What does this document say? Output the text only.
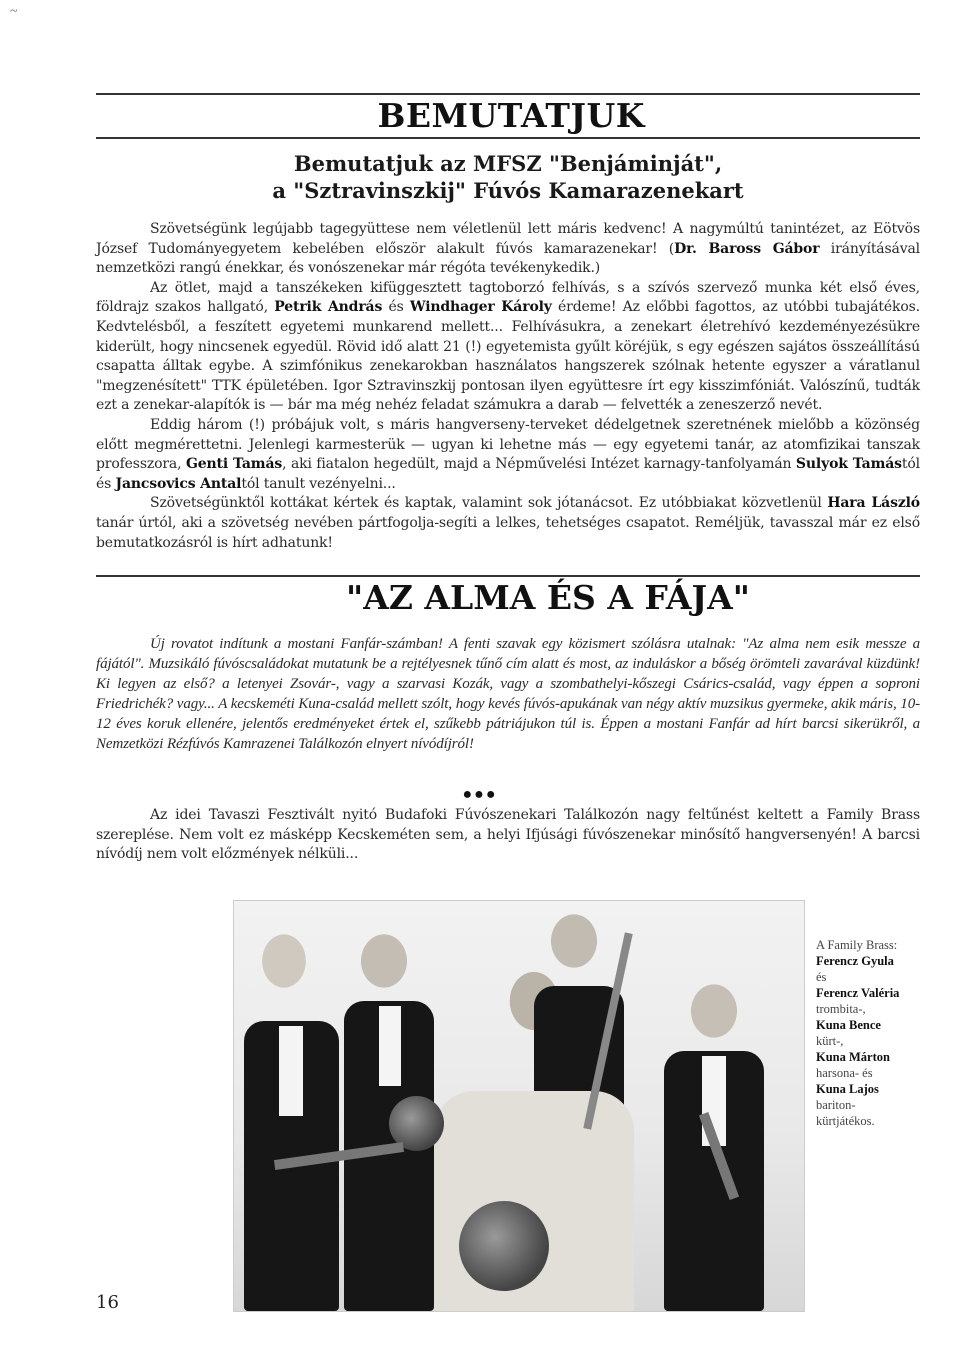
~
BEMUTATJUK
Bemutatjuk az MFSZ "Benjáminját",
a "Sztravinszkij" Fúvós Kamarazenekart

Szövetségünk legújabb tagegyüttese nem véletlenül lett máris kedvenc! A nagymúltú tanintézet, az Eötvös József Tudományegyetem kebelében először alakult fúvós kamarazenekar! (Dr. Baross Gábor irányításával nemzetközi rangú énekkar, és vonószenekar már régóta tevékenykedik.)

Az ötlet, majd a tanszékeken kifüggesztett tagtoborzó felhívás, s a szívós szervező munka két első éves, földrajz szakos hallgató, Petrik András és Windhager Károly érdeme! Az előbbi fagottos, az utóbbi tubajátékos. Kedvtelésből, a feszített egyetemi munkarend mellett... Felhívásukra, a zenekart életrehívó kezdeményezésükre kiderült, hogy nincsenek egyedül. Rövid idő alatt 21 (!) egyetemista gyűlt köréjük, s egy egészen sajátos összeállítású csapatta álltak egybe. A szimfónikus zenekarokban használatos hangszerek szólnak hetente egyszer a váratlanul "megzenésített" TTK épületében. Igor Sztravinszkij pontosan ilyen együttesre írt egy kisszimfóniát. Valószínű, tudták ezt a zenekar-alapítók is — bár ma még nehéz feladat számukra a darab — felvették a zeneszerző nevét.

Eddig három (!) próbájuk volt, s máris hangverseny-terveket dédelgetnek szeretnének mielőbb a közönség előtt megmérettetni. Jelenlegi karmesterük — ugyan ki lehetne más — egy egyetemi tanár, az atomfizikai tanszak professzora, Genti Tamás, aki fiatalon hegedült, majd a Népművelési Intézet karnagy-tanfolyamán Sulyok Tamástól és Jancsovics Antaltól tanult vezényelni...

Szövetségünktől kottákat kértek és kaptak, valamint sok jótanácsot. Ez utóbbiakat közvetlenül Hara László tanár úrtól, aki a szövetség nevében pártfogolja-segíti a lelkes, tehetséges csapatot. Reméljük, tavasszal már ez első bemutatkozásról is hírt adhatunk!

"AZ ALMA ÉS A FÁJA"
Új rovatot indítunk a mostani Fanfár-számban! A fenti szavak egy közismert szólásra utalnak: "Az alma nem esik messze a fájától". Muzsikáló fúvóscsaládokat mutatunk be a rejtélyesnek tűnő cím alatt és most, az induláskor a bőség örömteli zavarával küzdünk! Ki legyen az első? a letenyei Zsovár-, vagy a szarvasi Kozák, vagy a szombathelyi-kőszegi Csárics-család, vagy éppen a soproni Friedrichék? vagy... A kecskeméti Kuna-család mellett szólt, hogy kevés fúvós-apukának van négy aktív muzsikus gyermeke, akik máris, 10-12 éves koruk ellenére, jelentős eredményeket értek el, szűkebb pátriájukon túl is. Éppen a mostani Fanfár ad hírt barcsi sikerükről, a Nemzetközi Rézfúvós Kamrazenei Találkozón elnyert nívódíjról!
●●●

Az idei Tavaszi Fesztivált nyitó Budafoki Fúvószenekari Találkozón nagy feltűnést keltett a Family Brass szereplése. Nem volt ez másképp Kecskeméten sem, a helyi Ifjúsági fúvószenekar minősítő hangversenyén! A barcsi nívódíj nem volt előzmények nélküli...

A Family Brass:
Ferencz Gyula
és
Ferencz Valéria
trombita-,
Kuna Bence
kürt-,
Kuna Márton
harsona- és
Kuna Lajos
bariton-
kürtjátékos.
16
